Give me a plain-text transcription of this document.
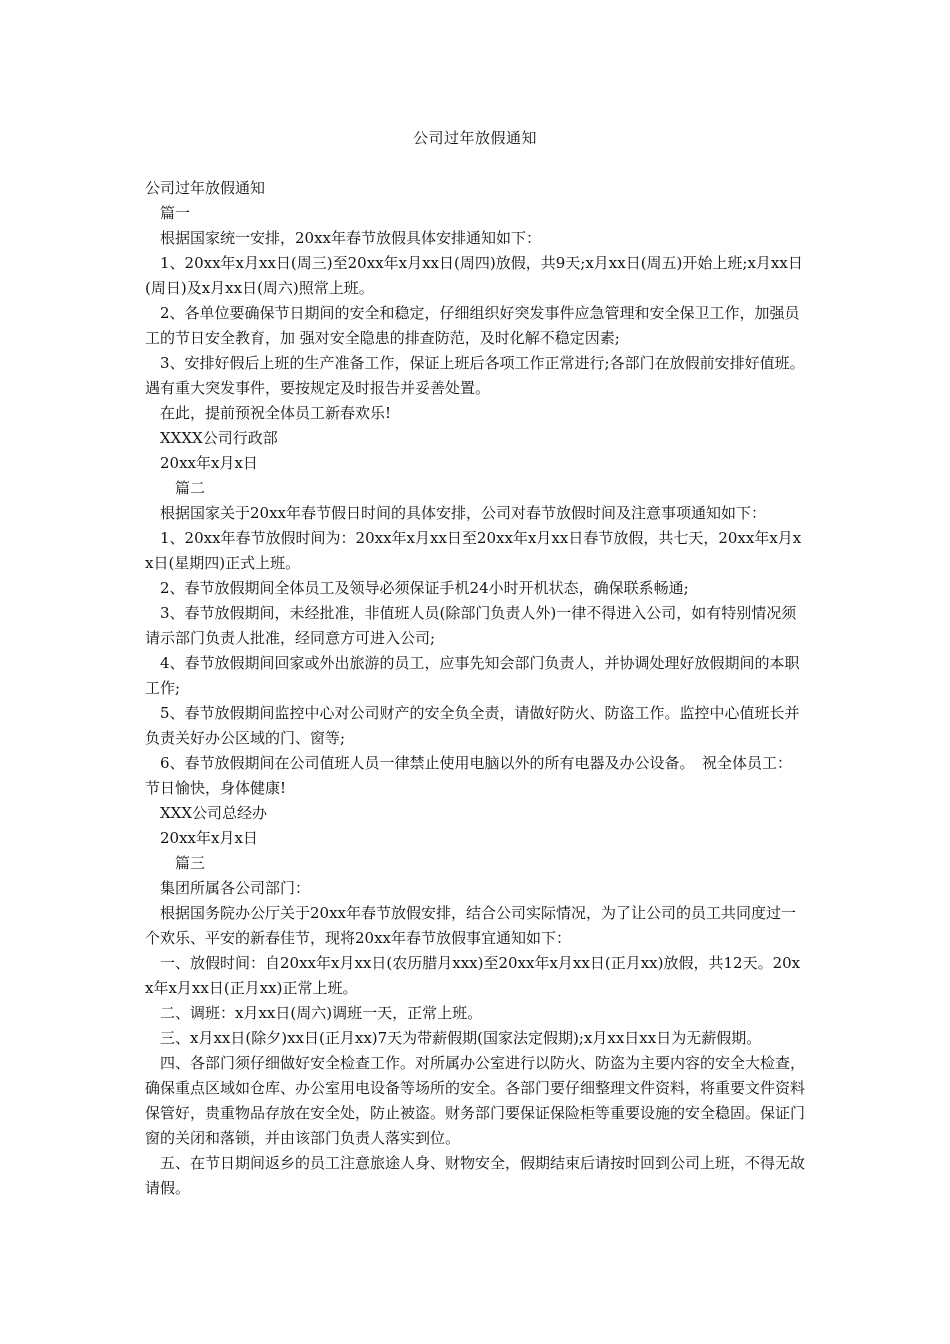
公司过年放假通知

公司过年放假通知

篇一

根据国家统一安排，20xx年春节放假具体安排通知如下：

1、20xx年x月xx日(周三)至20xx年x月xx日(周四)放假，共9天;x月xx日(周五)开始上班;x月xx日(周日)及x月xx日(周六)照常上班。

2、各单位要确保节日期间的安全和稳定，仔细组织好突发事件应急管理和安全保卫工作，加强员工的节日安全教育，加 强对安全隐患的排查防范，及时化解不稳定因素;

3、安排好假后上班的生产准备工作，保证上班后各项工作正常进行;各部门在放假前安排好值班。遇有重大突发事件，要按规定及时报告并妥善处置。

在此，提前预祝全体员工新春欢乐!

XXXX公司行政部

20xx年x月x日

篇二

根据国家关于20xx年春节假日时间的具体安排，公司对春节放假时间及注意事项通知如下：

1、20xx年春节放假时间为：20xx年x月xx日至20xx年x月xx日春节放假，共七天，20xx年x月xx日(星期四)正式上班。

2、春节放假期间全体员工及领导必须保证手机24小时开机状态，确保联系畅通;

3、春节放假期间，未经批准，非值班人员(除部门负责人外)一律不得进入公司，如有特别情况须请示部门负责人批准，经同意方可进入公司;

4、春节放假期间回家或外出旅游的员工，应事先知会部门负责人，并协调处理好放假期间的本职工作;

5、春节放假期间监控中心对公司财产的安全负全责，请做好防火、防盗工作。监控中心值班长并负责关好办公区域的门、窗等;

6、春节放假期间在公司值班人员一律禁止使用电脑以外的所有电器及办公设备。　祝全体员工：　节日愉快，身体健康!

XXX公司总经办

20xx年x月x日

篇三

集团所属各公司部门：

根据国务院办公厅关于20xx年春节放假安排，结合公司实际情况，为了让公司的员工共同度过一个欢乐、平安的新春佳节，现将20xx年春节放假事宜通知如下：

一、放假时间：自20xx年x月xx日(农历腊月xxx)至20xx年x月xx日(正月xx)放假，共12天。20xx年x月xx日(正月xx)正常上班。

二、调班：x月xx日(周六)调班一天，正常上班。

三、x月xx日(除夕)xx日(正月xx)7天为带薪假期(国家法定假期);x月xx日xx日为无薪假期。

四、各部门须仔细做好安全检查工作。对所属办公室进行以防火、防盗为主要内容的安全大检查，确保重点区域如仓库、办公室用电设备等场所的安全。各部门要仔细整理文件资料，将重要文件资料保管好，贵重物品存放在安全处，防止被盗。财务部门要保证保险柜等重要设施的安全稳固。保证门窗的关闭和落锁，并由该部门负责人落实到位。

五、在节日期间返乡的员工注意旅途人身、财物安全，假期结束后请按时回到公司上班，不得无故请假。
